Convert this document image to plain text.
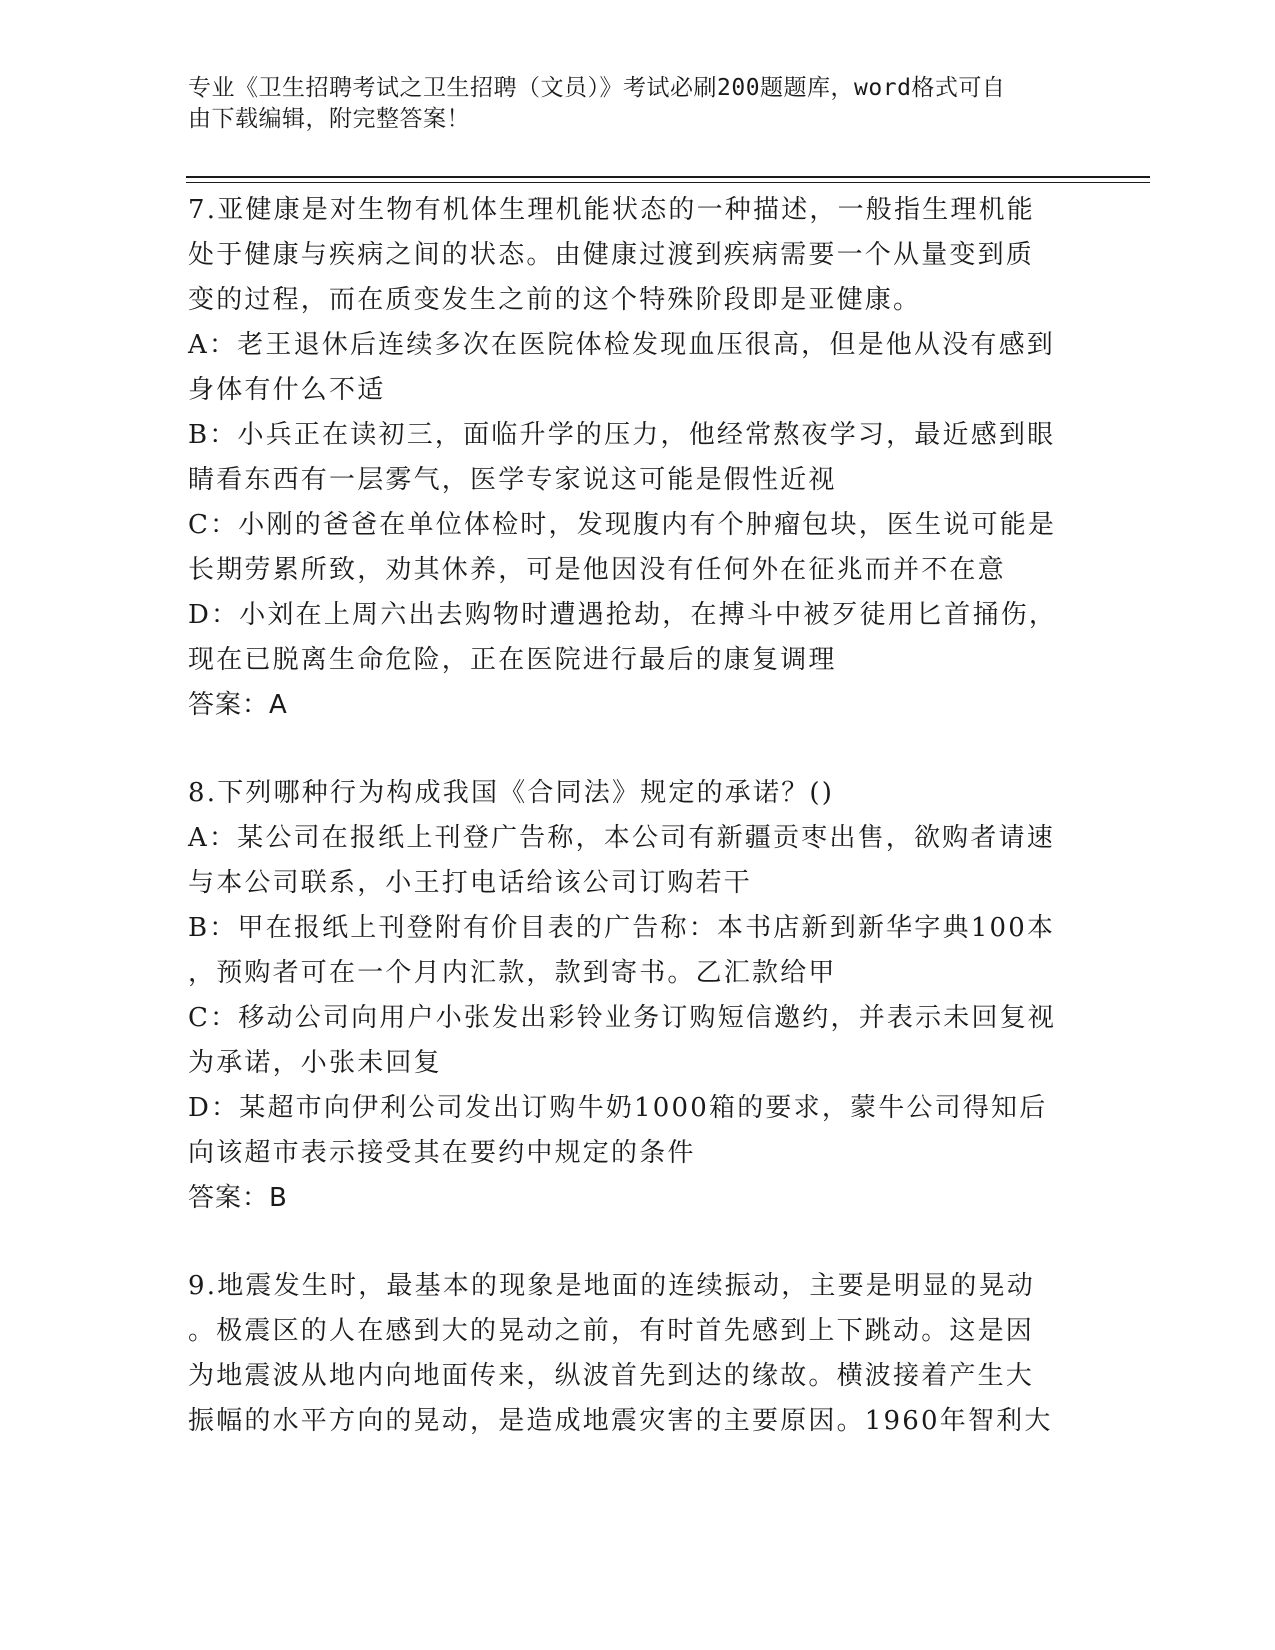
专业《卫生招聘考试之卫生招聘（文员）》考试必刷200题题库，word格式可自
由下载编辑，附完整答案！
7.亚健康是对生物有机体生理机能状态的一种描述，一般指生理机能
处于健康与疾病之间的状态。由健康过渡到疾病需要一个从量变到质
变的过程，而在质变发生之前的这个特殊阶段即是亚健康。
A：老王退休后连续多次在医院体检发现血压很高，但是他从没有感到
身体有什么不适
B：小兵正在读初三，面临升学的压力，他经常熬夜学习，最近感到眼
睛看东西有一层雾气，医学专家说这可能是假性近视
C：小刚的爸爸在单位体检时，发现腹内有个肿瘤包块，医生说可能是
长期劳累所致，劝其休养，可是他因没有任何外在征兆而并不在意
D：小刘在上周六出去购物时遭遇抢劫，在搏斗中被歹徒用匕首捅伤，
现在已脱离生命危险，正在医院进行最后的康复调理
答案：A
8.下列哪种行为构成我国《合同法》规定的承诺？()
A：某公司在报纸上刊登广告称，本公司有新疆贡枣出售，欲购者请速
与本公司联系，小王打电话给该公司订购若干
B：甲在报纸上刊登附有价目表的广告称：本书店新到新华字典100本
，预购者可在一个月内汇款，款到寄书。乙汇款给甲
C：移动公司向用户小张发出彩铃业务订购短信邀约，并表示未回复视
为承诺，小张未回复
D：某超市向伊利公司发出订购牛奶1000箱的要求，蒙牛公司得知后
向该超市表示接受其在要约中规定的条件
答案：B
9.地震发生时，最基本的现象是地面的连续振动，主要是明显的晃动
。极震区的人在感到大的晃动之前，有时首先感到上下跳动。这是因
为地震波从地内向地面传来，纵波首先到达的缘故。横波接着产生大
振幅的水平方向的晃动，是造成地震灾害的主要原因。1960年智利大
